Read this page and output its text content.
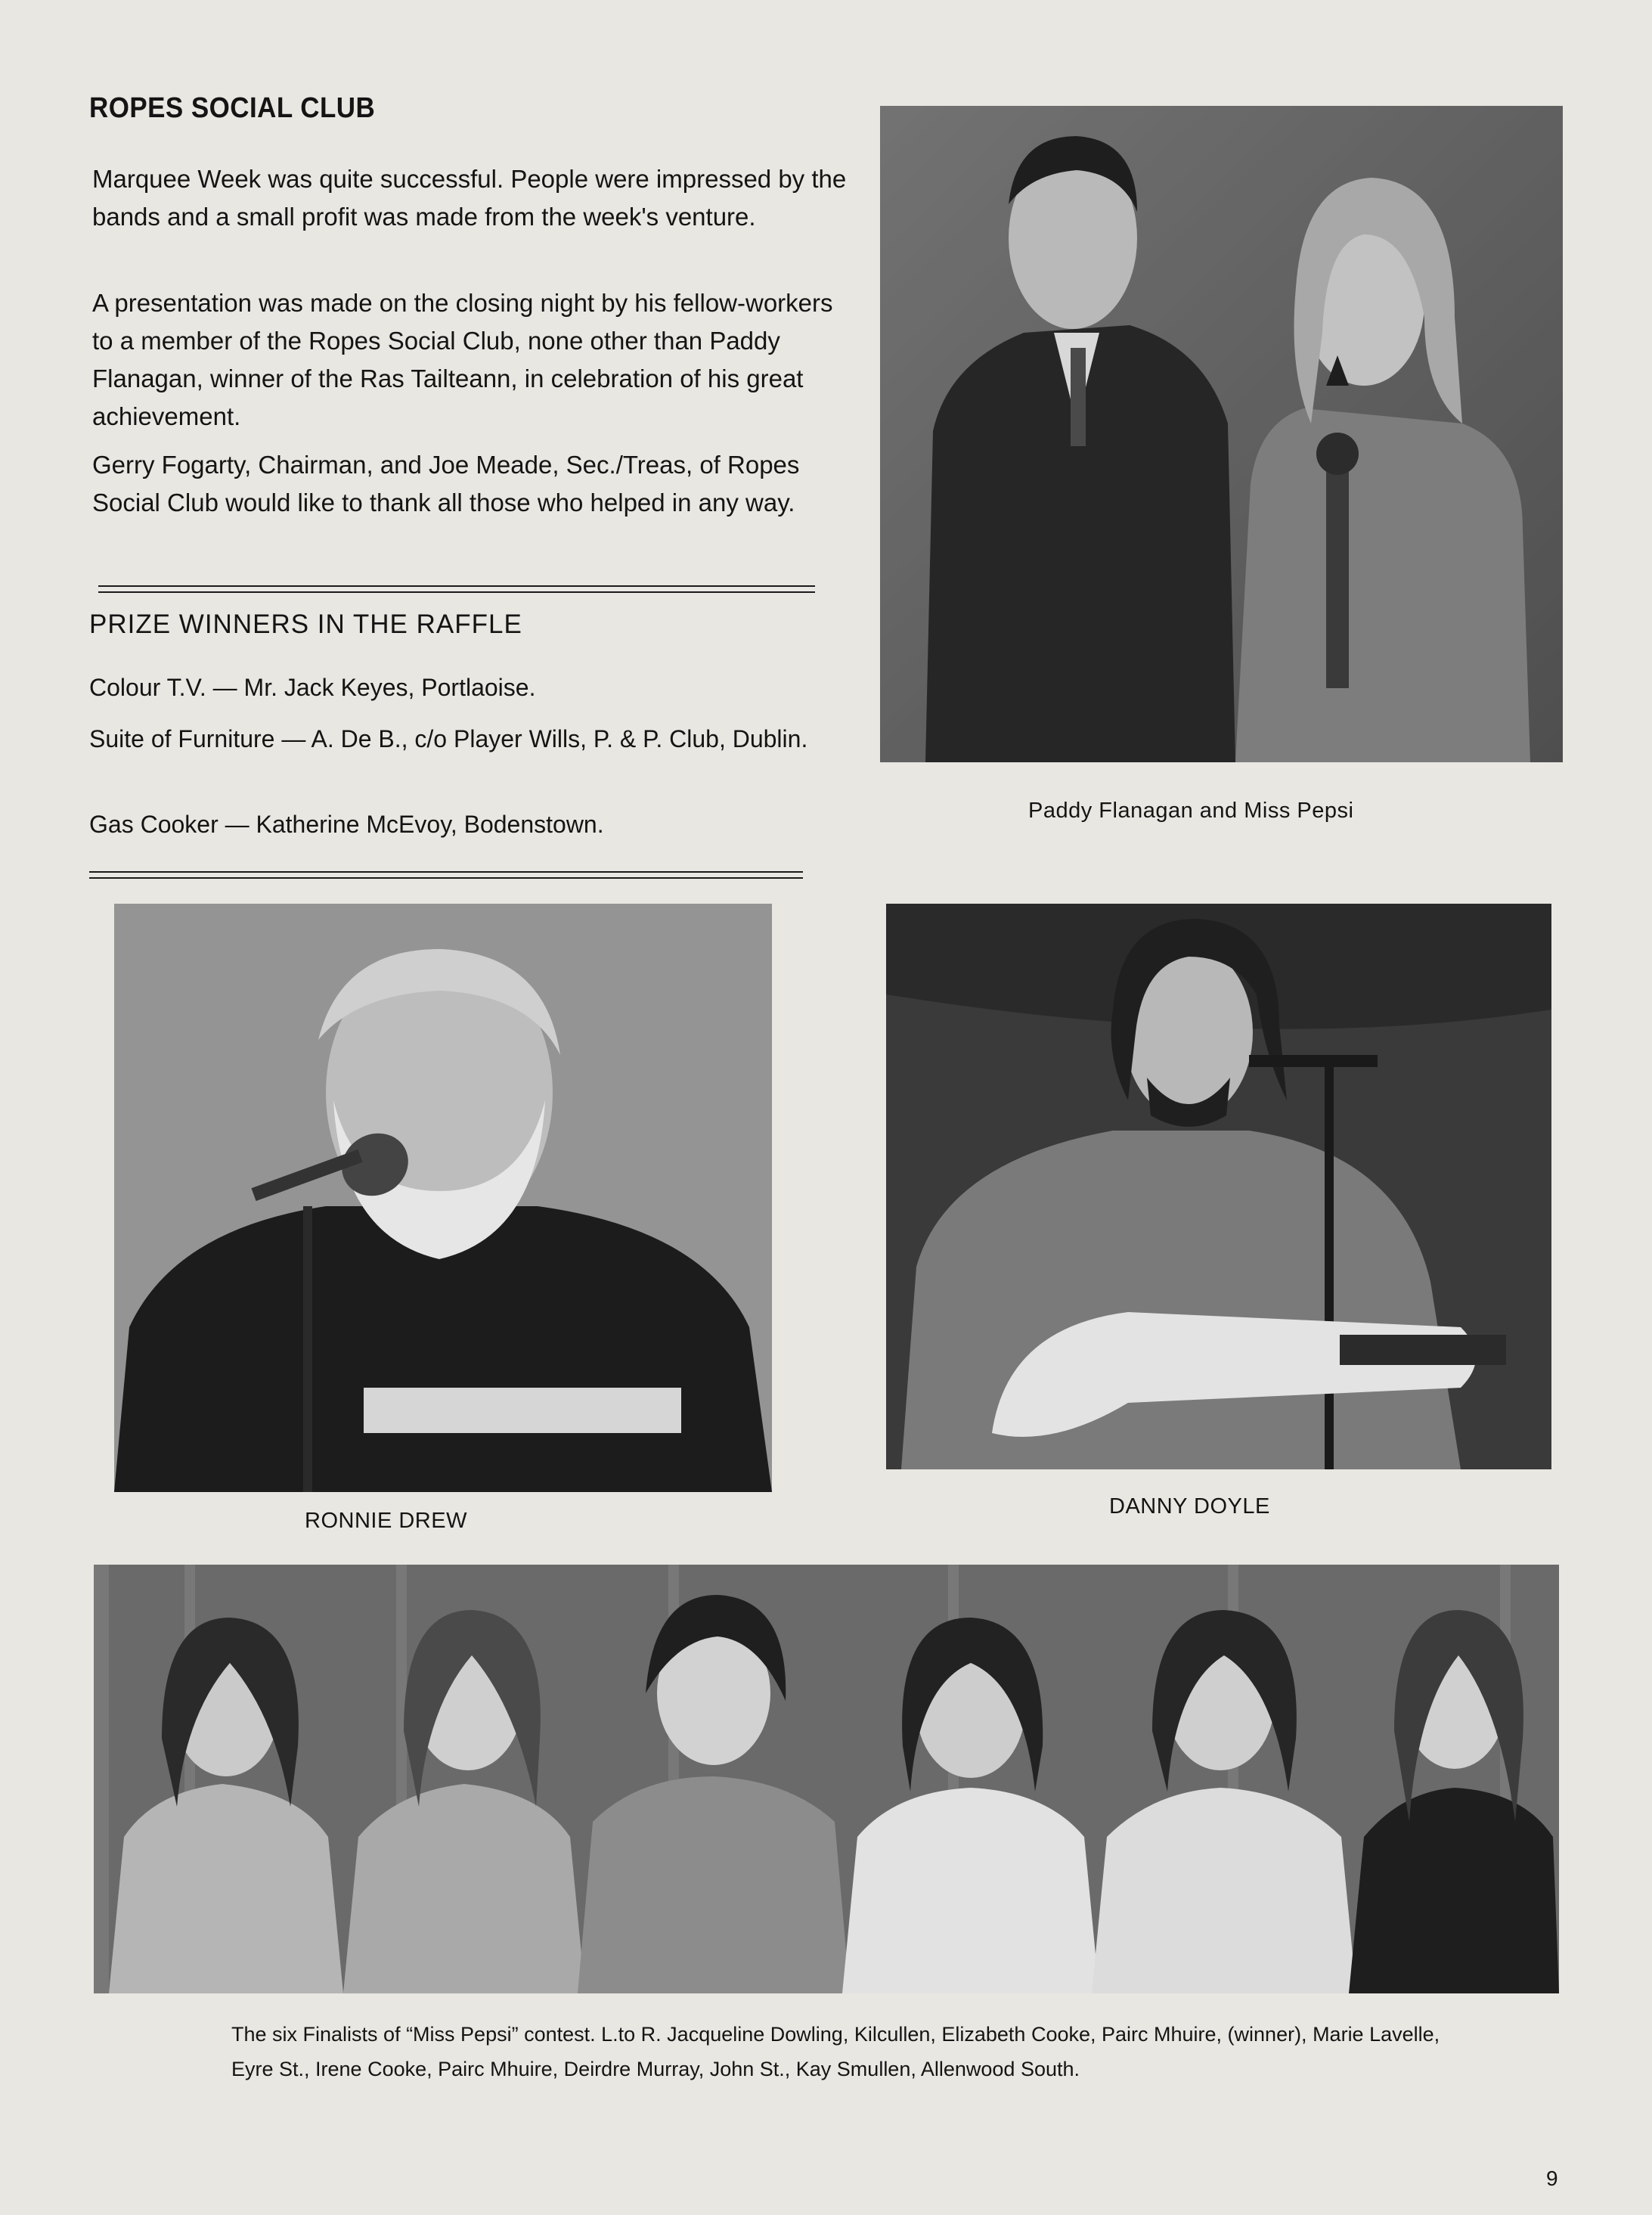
ROPES SOCIAL CLUB

Marquee Week was quite successful. People were impressed by the bands and a small profit was made from the week's venture.

A presentation was made on the closing night by his fellow-workers to a member of the Ropes Social Club, none other than Paddy Flanagan, winner of the Ras Tailteann, in celebration of his great achievement.

Gerry Fogarty, Chairman, and Joe Meade, Sec./Treas, of Ropes Social Club would like to thank all those who helped in any way.

PRIZE WINNERS IN THE RAFFLE
Colour T.V. — Mr. Jack Keyes, Portlaoise.
Suite of Furniture — A. De B., c/o Player Wills, P. & P. Club, Dublin.
Gas Cooker — Katherine McEvoy, Bodenstown.	Paddy Flanagan and Miss Pepsi
RONNIE DREW
DANNY DOYLE
The six Finalists of “Miss Pepsi” contest. L.to R. Jacqueline Dowling, Kilcullen, Elizabeth Cooke, Pairc Mhuire, (winner), Marie Lavelle, Eyre St., Irene Cooke, Pairc Mhuire, Deirdre Murray, John St., Kay Smullen, Allenwood South.
9
